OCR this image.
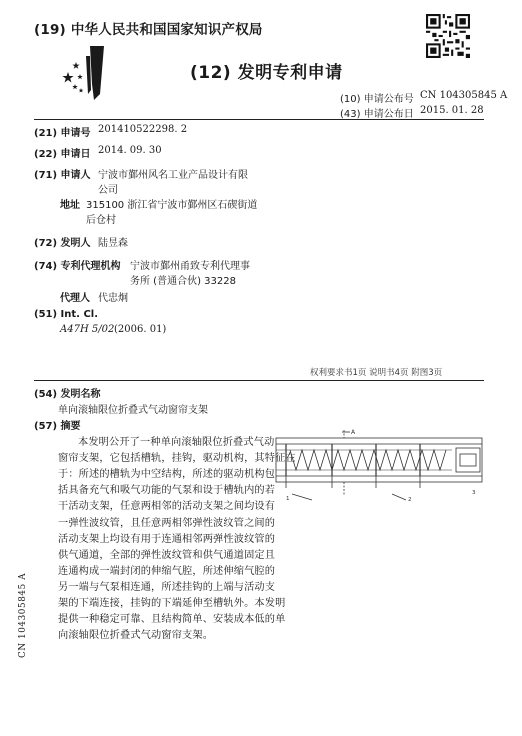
(19) 中华人民共和国国家知识产权局
(12) 发明专利申请
(10) 申请公布号 CN 104305845 A
(43) 申请公布日 2015. 01. 28
(21) 申请号 201410522298. 2
(22) 申请日 2014. 09. 30
(71) 申请人 宁波市鄞州风名工业产品设计有限
公司
地址 315100 浙江省宁波市鄞州区石碶街道
后仓村
(72) 发明人 陆昱森
(74) 专利代理机构 宁波市鄞州甬致专利代理事
务所 (普通合伙) 33228
代理人 代忠炯
(51) Int. Cl.
A47H 5/02 (2006. 01)
权利要求书1页 说明书4页 附图3页
(54) 发明名称
单向滚轴限位折叠式气动窗帘支架
(57) 摘要
本发明公开了一种单向滚轴限位折叠式气动
窗帘支架，它包括槽轨，挂钩，驱动机构，其特征在
于：所述的槽轨为中空结构，所述的驱动机构包
括具备充气和吸气功能的气泵和设于槽轨内的若
干活动支架，任意两相邻的活动支架之间均设有
一弹性波纹管，且任意两相邻弹性波纹管之间的
活动支架上均设有用于连通相邻两弹性波纹管的
供气通道，全部的弹性波纹管和供气通道固定且
连通构成一端封闭的伸缩气腔，所述伸缩气腔的
另一端与气泵相连通，所述挂钩的上端与活动支
架的下端连接，挂钩的下端延伸至槽轨外。本发明
提供一种稳定可靠、且结构简单、安装成本低的单
向滚轴限位折叠式气动窗帘支架。
A
1	2
3
CN 104305845 A
